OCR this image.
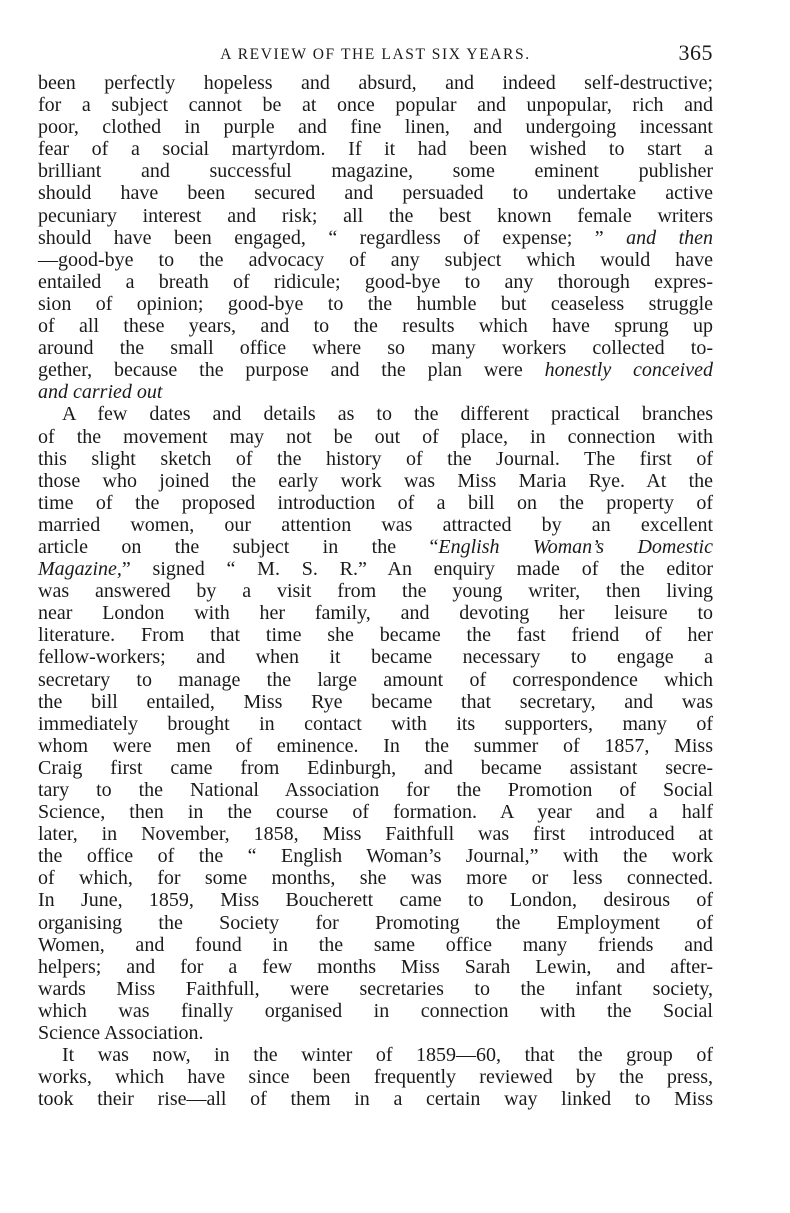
A REVIEW OF THE LAST SIX YEARS.	365
been perfectly hopeless and absurd, and indeed self-destructive;
for a subject cannot be at once popular and unpopular, rich and
poor, clothed in purple and fine linen, and undergoing incessant
fear of a social martyrdom. If it had been wished to start a
brilliant and successful magazine, some eminent publisher
should have been secured and persuaded to undertake active
pecuniary interest and risk; all the best known female writers
should have been engaged, “ regardless of expense; ” and then
—good-bye to the advocacy of any subject which would have
entailed a breath of ridicule; good-bye to any thorough expres-
sion of opinion; good-bye to the humble but ceaseless struggle
of all these years, and to the results which have sprung up
around the small office where so many workers collected to-
gether, because the purpose and the plan were honestly conceived
and carried out
A few dates and details as to the different practical branches
of the movement may not be out of place, in connection with
this slight sketch of the history of the Journal. The first of
those who joined the early work was Miss Maria Rye. At the
time of the proposed introduction of a bill on the property of
married women, our attention was attracted by an excellent
article on the subject in the “English Woman’s Domestic
Magazine,” signed “ M. S. R.” An enquiry made of the editor
was answered by a visit from the young writer, then living
near London with her family, and devoting her leisure to
literature. From that time she became the fast friend of her
fellow-workers; and when it became necessary to engage a
secretary to manage the large amount of correspondence which
the bill entailed, Miss Rye became that secretary, and was
immediately brought in contact with its supporters, many of
whom were men of eminence. In the summer of 1857, Miss
Craig first came from Edinburgh, and became assistant secre-
tary to the National Association for the Promotion of Social
Science, then in the course of formation. A year and a half
later, in November, 1858, Miss Faithfull was first introduced at
the office of the “ English Woman’s Journal,” with the work
of which, for some months, she was more or less connected.
In June, 1859, Miss Boucherett came to London, desirous of
organising the Society for Promoting the Employment of
Women, and found in the same office many friends and
helpers; and for a few months Miss Sarah Lewin, and after-
wards Miss Faithfull, were secretaries to the infant society,
which was finally organised in connection with the Social
Science Association.
It was now, in the winter of 1859—60, that the group of
works, which have since been frequently reviewed by the press,
took their rise—all of them in a certain way linked to Miss
